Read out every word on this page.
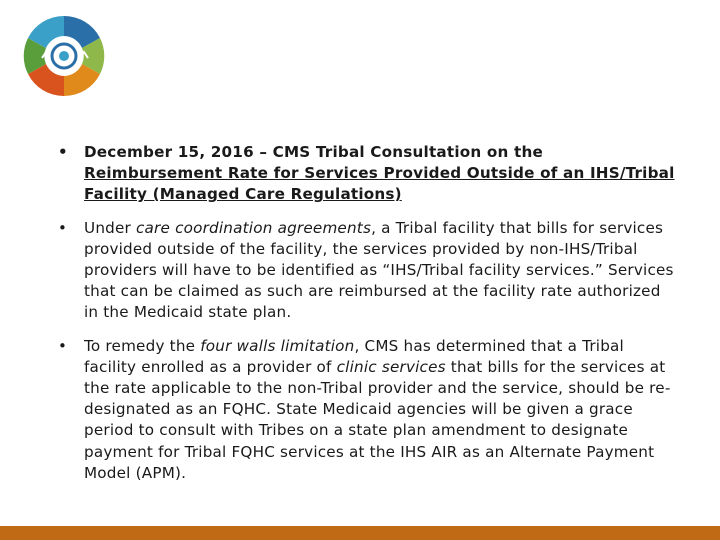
• December 15, 2016 – CMS Tribal Consultation on the Reimbursement Rate for Services Provided Outside of an IHS/Tribal Facility (Managed Care Regulations)
• Under care coordination agreements, a Tribal facility that bills for services provided outside of the facility, the services provided by non-IHS/Tribal providers will have to be identified as “IHS/Tribal facility services.” Services that can be claimed as such are reimbursed at the facility rate authorized in the Medicaid state plan.
• To remedy the four walls limitation, CMS has determined that a Tribal facility enrolled as a provider of clinic services that bills for the services at the rate applicable to the non-Tribal provider and the service, should be re-designated as an FQHC. State Medicaid agencies will be given a grace period to consult with Tribes on a state plan amendment to designate payment for Tribal FQHC services at the IHS AIR as an Alternate Payment Model (APM).
